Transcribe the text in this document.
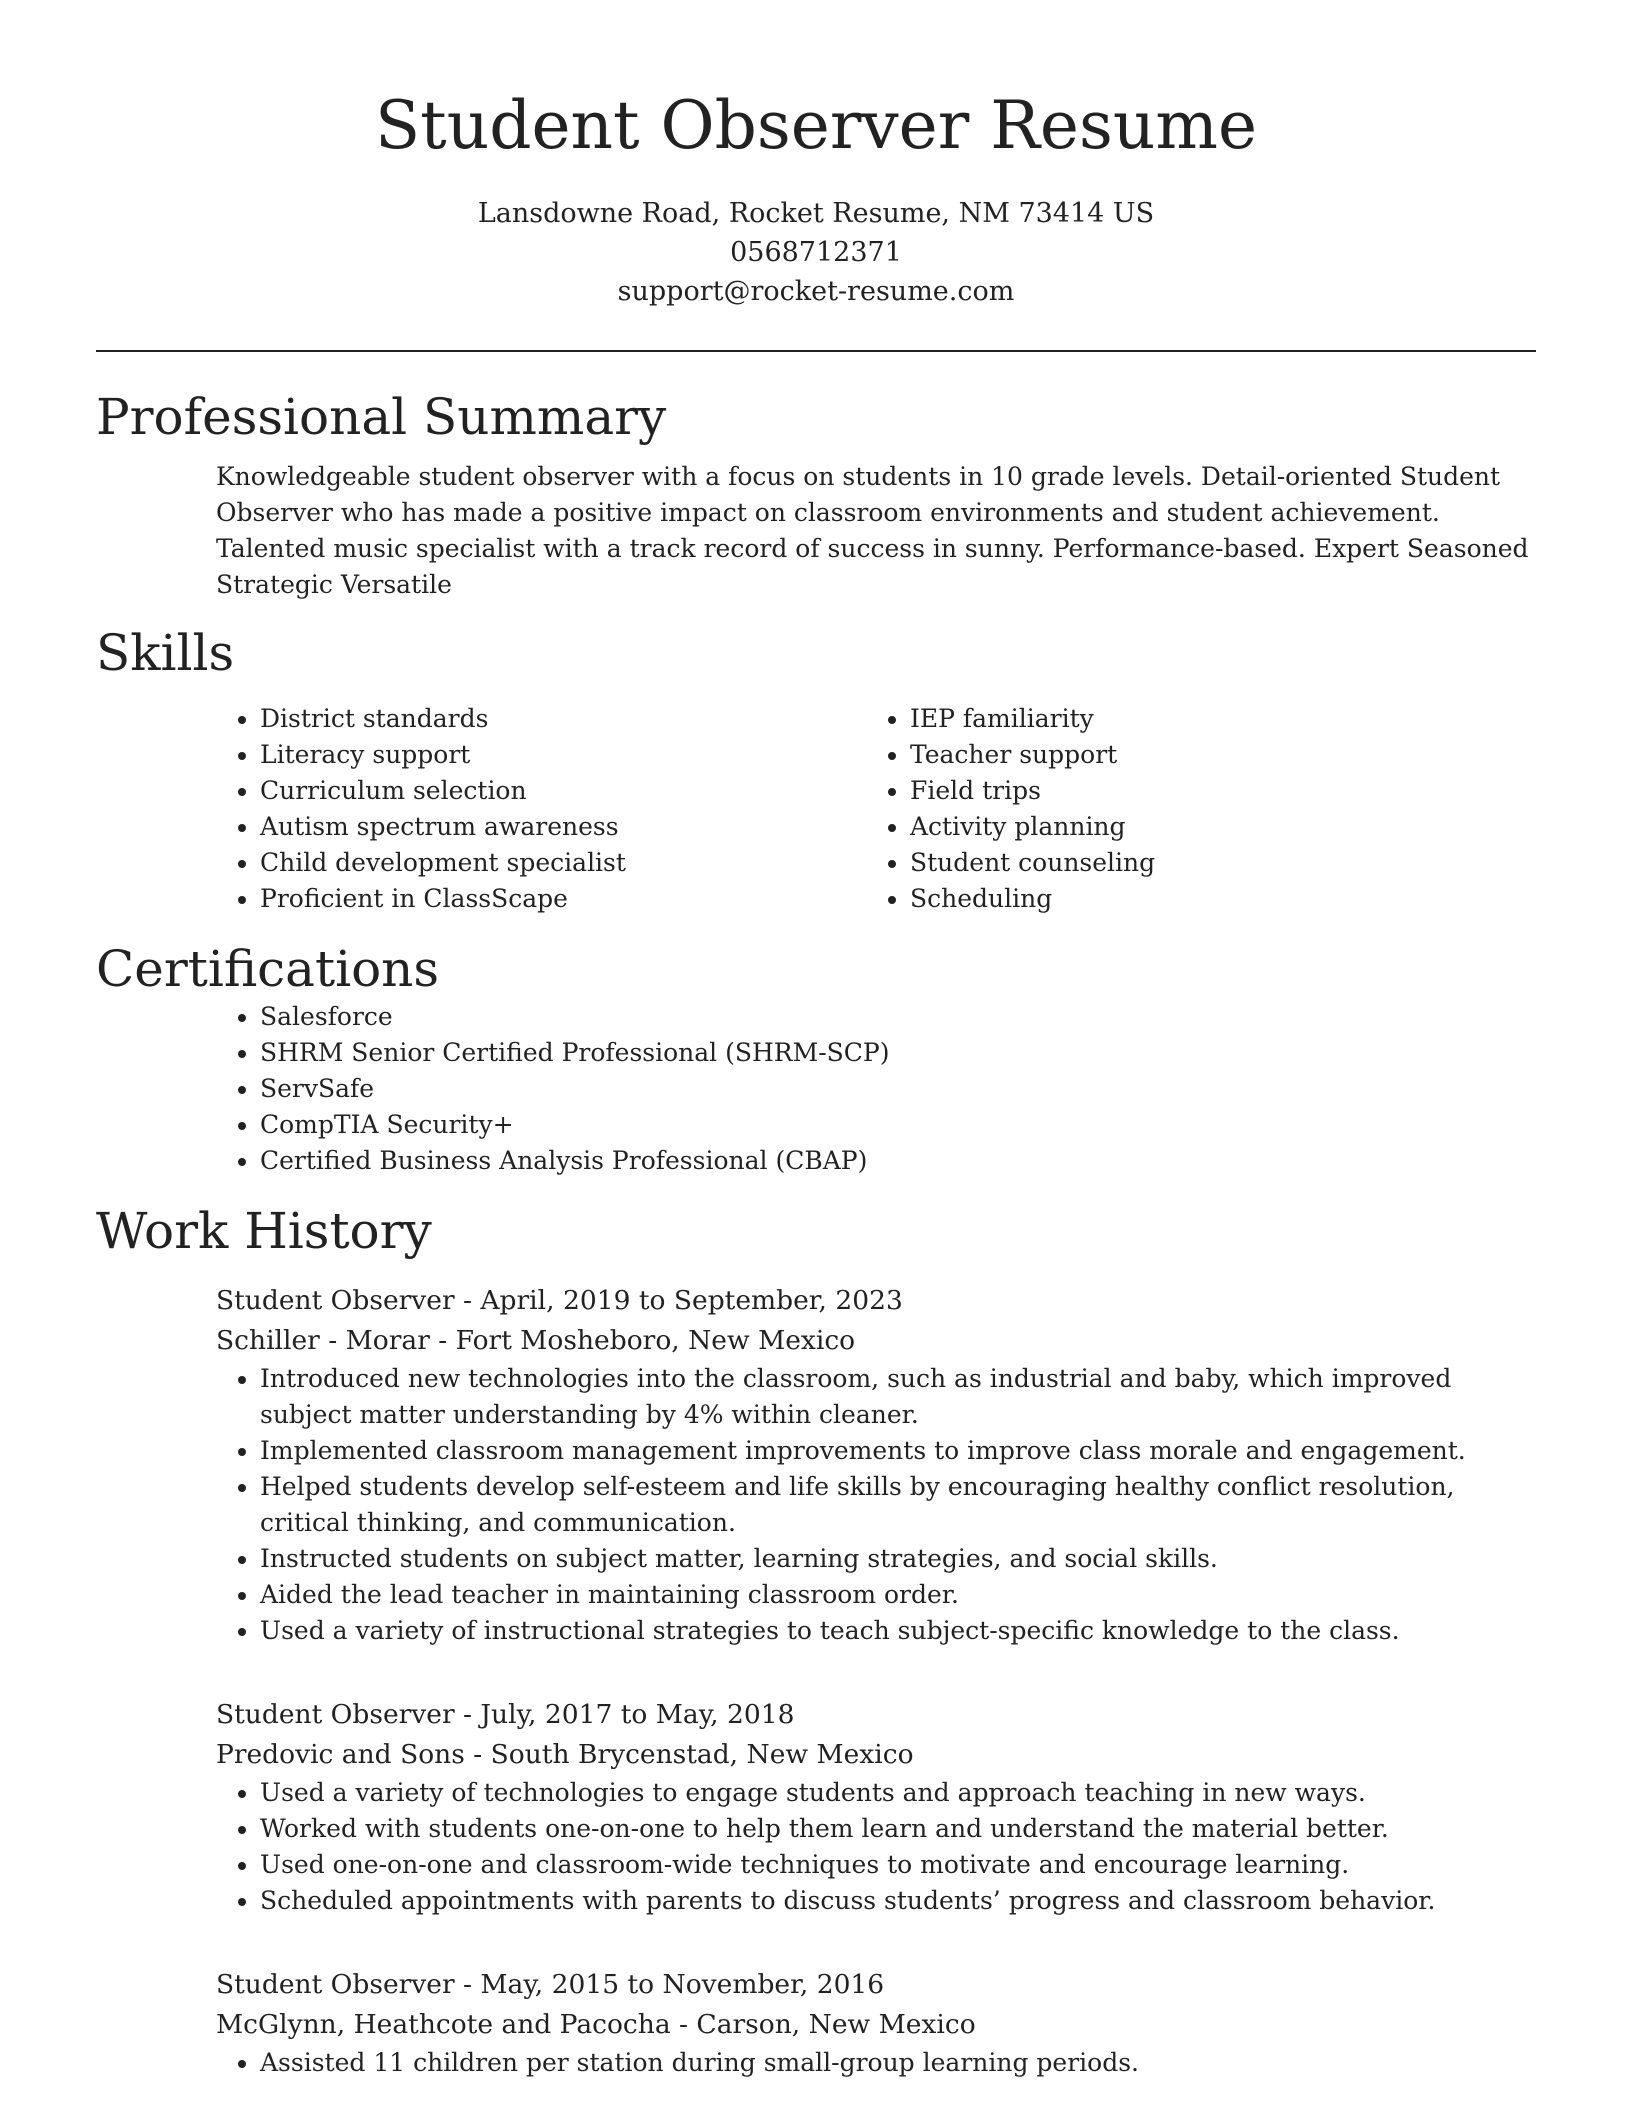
Student Observer Resume
Lansdowne Road, Rocket Resume, NM 73414 US
0568712371
support@rocket-resume.com
Professional Summary

Knowledgeable student observer with a focus on students in 10 grade levels. Detail-oriented Student Observer who has made a positive impact on classroom environments and student achievement. Talented music specialist with a track record of success in sunny. Performance-based. Expert Seasoned Strategic Versatile

Skills
• District standards
• Literacy support
• Curriculum selection
• Autism spectrum awareness
• Child development specialist
• Proficient in ClassScape
• IEP familiarity
• Teacher support
• Field trips
• Activity planning
• Student counseling
• Scheduling
Certifications
• Salesforce
• SHRM Senior Certified Professional (SHRM-SCP)
• ServSafe
• CompTIA Security+
• Certified Business Analysis Professional (CBAP)
Work History
Student Observer - April, 2019 to September, 2023
Schiller - Morar - Fort Mosheboro, New Mexico
• Introduced new technologies into the classroom, such as industrial and baby, which improved subject matter understanding by 4% within cleaner.
• Implemented classroom management improvements to improve class morale and engagement.
• Helped students develop self-esteem and life skills by encouraging healthy conflict resolution, critical thinking, and communication.
• Instructed students on subject matter, learning strategies, and social skills.
• Aided the lead teacher in maintaining classroom order.
• Used a variety of instructional strategies to teach subject-specific knowledge to the class.
Student Observer - July, 2017 to May, 2018
Predovic and Sons - South Brycenstad, New Mexico
• Used a variety of technologies to engage students and approach teaching in new ways.
• Worked with students one-on-one to help them learn and understand the material better.
• Used one-on-one and classroom-wide techniques to motivate and encourage learning.
• Scheduled appointments with parents to discuss students’ progress and classroom behavior.
Student Observer - May, 2015 to November, 2016
McGlynn, Heathcote and Pacocha - Carson, New Mexico
• Assisted 11 children per station during small-group learning periods.
